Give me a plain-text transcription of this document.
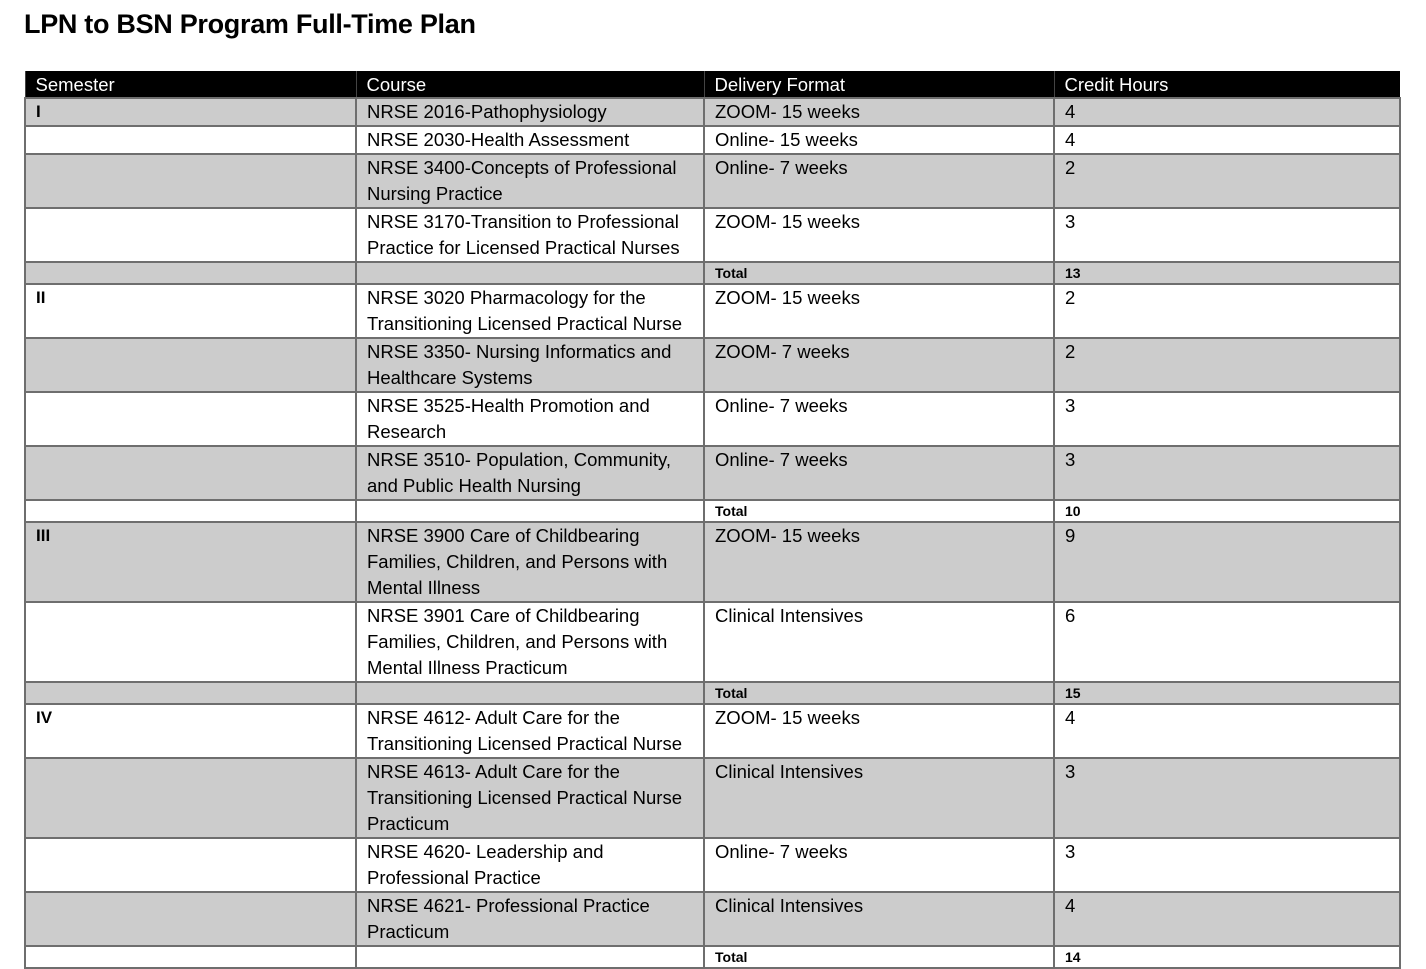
LPN to BSN Program Full-Time Plan
Semester	Course	Delivery Format	Credit Hours
I	NRSE 2016-Pathophysiology	ZOOM- 15 weeks	4
	NRSE 2030-Health Assessment	Online- 15 weeks	4
	NRSE 3400-Concepts of Professional Nursing Practice	Online- 7 weeks	2
	NRSE 3170-Transition to Professional Practice for Licensed Practical Nurses	ZOOM- 15 weeks	3
		Total	13
II	NRSE 3020 Pharmacology for the Transitioning Licensed Practical Nurse	ZOOM- 15 weeks	2
	NRSE 3350- Nursing Informatics and Healthcare Systems	ZOOM- 7 weeks	2
	NRSE 3525-Health Promotion and Research	Online- 7 weeks	3
	NRSE 3510- Population, Community, and Public Health Nursing	Online- 7 weeks	3
		Total	10
III	NRSE 3900 Care of Childbearing Families, Children, and Persons with Mental Illness	ZOOM- 15 weeks	9
	NRSE 3901 Care of Childbearing Families, Children, and Persons with Mental Illness Practicum	Clinical Intensives	6
		Total	15
IV	NRSE 4612- Adult Care for the Transitioning Licensed Practical Nurse	ZOOM- 15 weeks	4
	NRSE 4613- Adult Care for the Transitioning Licensed Practical Nurse Practicum	Clinical Intensives	3
	NRSE 4620- Leadership and Professional Practice	Online- 7 weeks	3
	NRSE 4621- Professional Practice Practicum	Clinical Intensives	4
		Total	14
